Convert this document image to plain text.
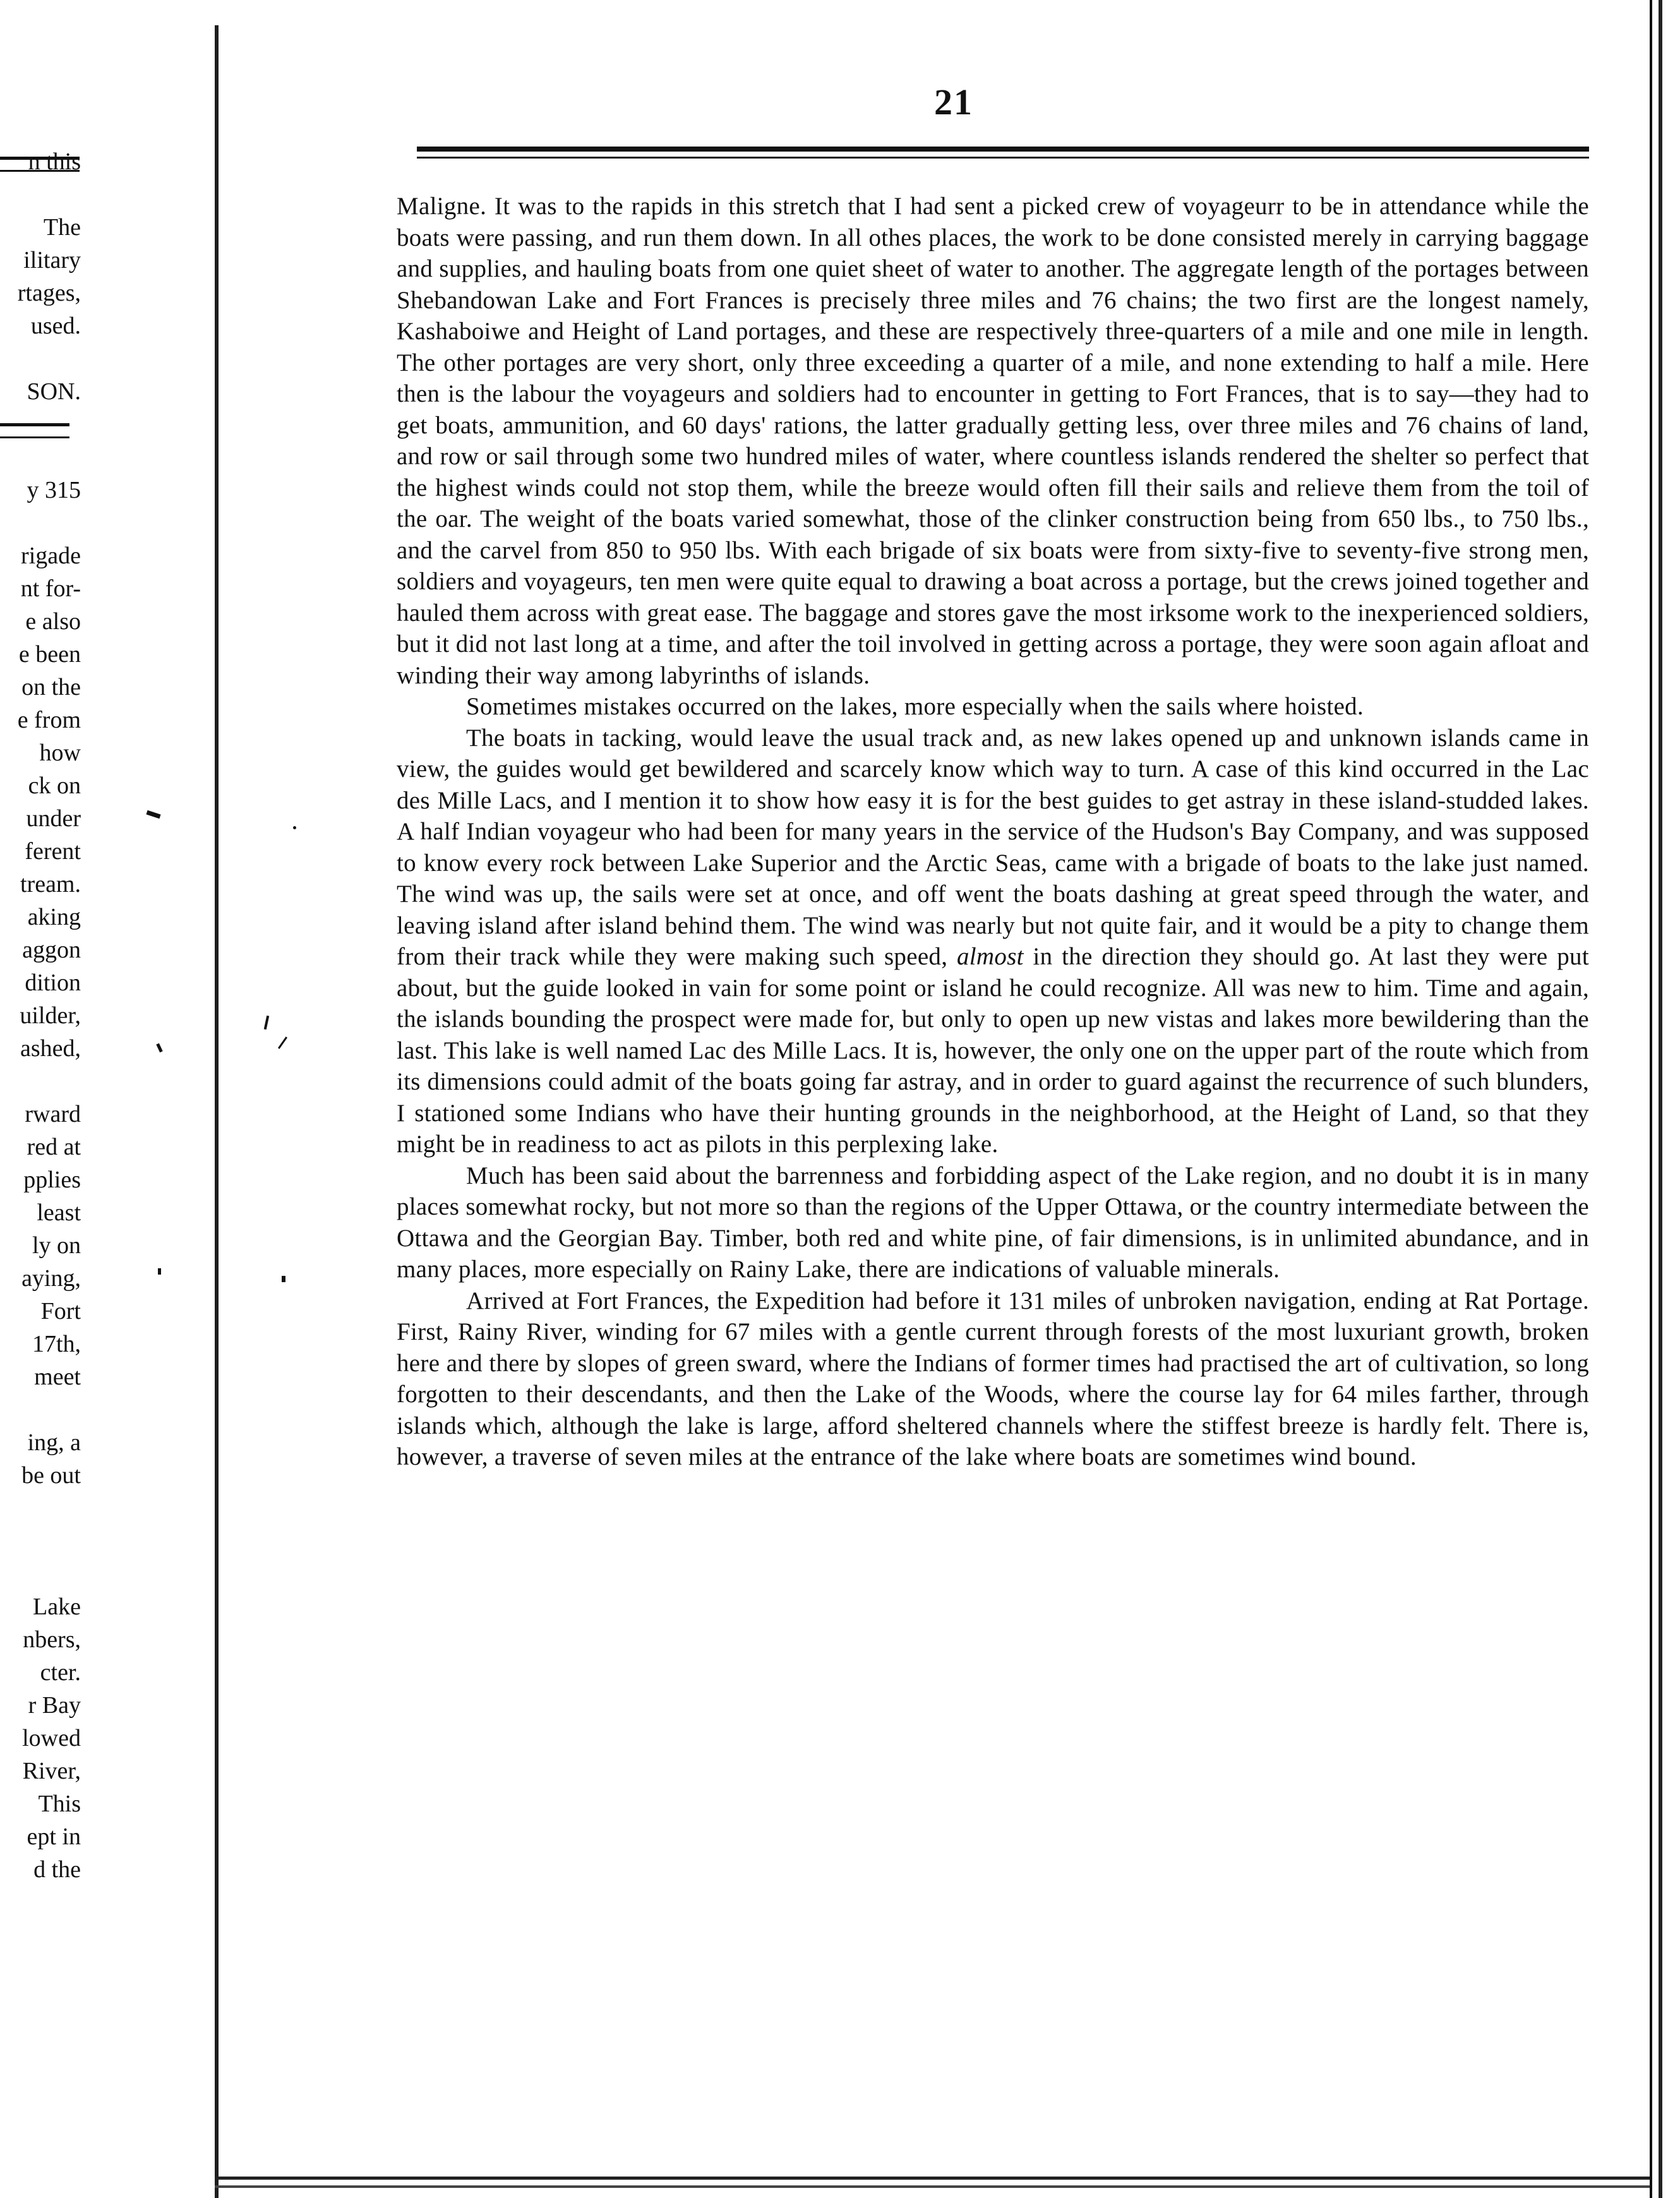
n this
The
ilitary
rtages,
used.
SON.
y 315
rigade
nt for-
e also
e been
on the
e from
how
ck on
under
ferent
tream.
aking
aggon
dition
uilder,
ashed,
rward
red at
pplies
least
ly on
aying,
Fort
17th,
meet
ing, a
be out
Lake
nbers,
cter.
r Bay
lowed
River,
This
ept in
d the
21

Maligne. It was to the rapids in this stretch that I had sent a picked crew of voyageurr to be in attendance while the boats were passing, and run them down. In all othes places, the work to be done consisted merely in carrying baggage and supplies, and hauling boats from one quiet sheet of water to another. The aggregate length of the portages between Shebandowan Lake and Fort Frances is precisely three miles and 76 chains; the two first are the longest namely, Kashaboiwe and Height of Land portages, and these are respectively three-quarters of a mile and one mile in length. The other portages are very short, only three exceeding a quarter of a mile, and none extending to half a mile. Here then is the labour the voyageurs and soldiers had to encounter in getting to Fort Frances, that is to say—they had to get boats, ammunition, and 60 days' rations, the latter gradually getting less, over three miles and 76 chains of land, and row or sail through some two hundred miles of water, where countless islands rendered the shelter so perfect that the highest winds could not stop them, while the breeze would often fill their sails and relieve them from the toil of the oar. The weight of the boats varied somewhat, those of the clinker construction being from 650 lbs., to 750 lbs., and the carvel from 850 to 950 lbs. With each brigade of six boats were from sixty-five to seventy-five strong men, soldiers and voyageurs, ten men were quite equal to drawing a boat across a portage, but the crews joined together and hauled them across with great ease. The baggage and stores gave the most irksome work to the inexperienced soldiers, but it did not last long at a time, and after the toil involved in getting across a portage, they were soon again afloat and winding their way among labyrinths of islands.

Sometimes mistakes occurred on the lakes, more especially when the sails where hoisted.

The boats in tacking, would leave the usual track and, as new lakes opened up and unknown islands came in view, the guides would get bewildered and scarcely know which way to turn. A case of this kind occurred in the Lac des Mille Lacs, and I mention it to show how easy it is for the best guides to get astray in these island-studded lakes. A half Indian voyageur who had been for many years in the service of the Hudson's Bay Company, and was supposed to know every rock between Lake Superior and the Arctic Seas, came with a brigade of boats to the lake just named. The wind was up, the sails were set at once, and off went the boats dashing at great speed through the water, and leaving island after island behind them. The wind was nearly but not quite fair, and it would be a pity to change them from their track while they were making such speed, almost in the direction they should go. At last they were put about, but the guide looked in vain for some point or island he could recognize. All was new to him. Time and again, the islands bounding the prospect were made for, but only to open up new vistas and lakes more bewildering than the last. This lake is well named Lac des Mille Lacs. It is, however, the only one on the upper part of the route which from its dimensions could admit of the boats going far astray, and in order to guard against the recurrence of such blunders, I stationed some Indians who have their hunting grounds in the neighborhood, at the Height of Land, so that they might be in readiness to act as pilots in this perplexing lake.

Much has been said about the barrenness and forbidding aspect of the Lake region, and no doubt it is in many places somewhat rocky, but not more so than the regions of the Upper Ottawa, or the country intermediate between the Ottawa and the Georgian Bay. Timber, both red and white pine, of fair dimensions, is in unlimited abundance, and in many places, more especially on Rainy Lake, there are indications of valuable minerals.

Arrived at Fort Frances, the Expedition had before it 131 miles of unbroken navigation, ending at Rat Portage. First, Rainy River, winding for 67 miles with a gentle current through forests of the most luxuriant growth, broken here and there by slopes of green sward, where the Indians of former times had practised the art of cultivation, so long forgotten to their descendants, and then the Lake of the Woods, where the course lay for 64 miles farther, through islands which, although the lake is large, afford sheltered channels where the stiffest breeze is hardly felt. There is, however, a traverse of seven miles at the entrance of the lake where boats are sometimes wind bound.
